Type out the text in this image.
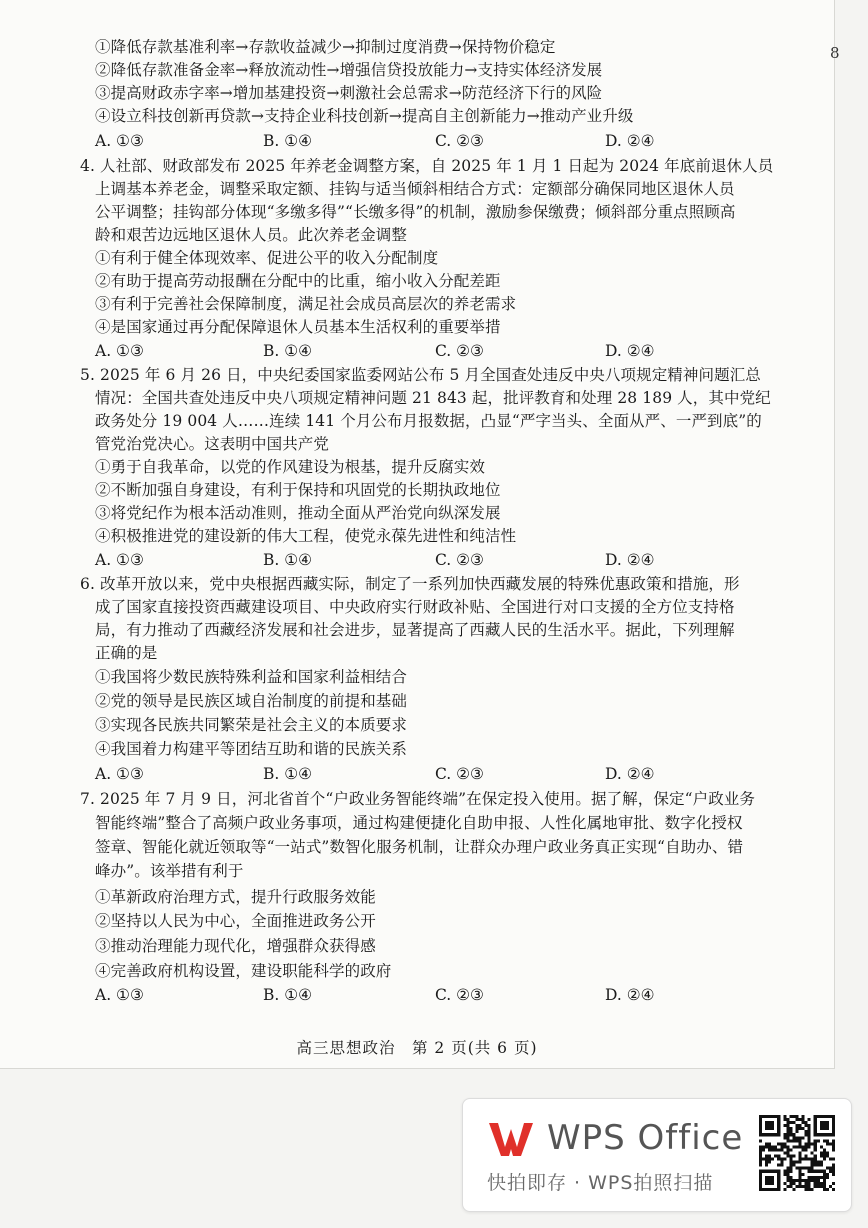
8
①降低存款基准利率→存款收益减少→抑制过度消费→保持物价稳定
②降低存款准备金率→释放流动性→增强信贷投放能力→支持实体经济发展
③提高财政赤字率→增加基建投资→刺激社会总需求→防范经济下行的风险
④设立科技创新再贷款→支持企业科技创新→提高自主创新能力→推动产业升级
A. ①③	B. ①④	C. ②③	D. ②④
4. 人社部、财政部发布 2025 年养老金调整方案，自 2025 年 1 月 1 日起为 2024 年底前退休人员
上调基本养老金，调整采取定额、挂钩与适当倾斜相结合方式：定额部分确保同地区退休人员
公平调整；挂钩部分体现“多缴多得”“长缴多得”的机制，激励参保缴费；倾斜部分重点照顾高
龄和艰苦边远地区退休人员。此次养老金调整
①有利于健全体现效率、促进公平的收入分配制度
②有助于提高劳动报酬在分配中的比重，缩小收入分配差距
③有利于完善社会保障制度，满足社会成员高层次的养老需求
④是国家通过再分配保障退休人员基本生活权利的重要举措
A. ①③	B. ①④	C. ②③	D. ②④
5. 2025 年 6 月 26 日，中央纪委国家监委网站公布 5 月全国查处违反中央八项规定精神问题汇总
情况：全国共查处违反中央八项规定精神问题 21 843 起，批评教育和处理 28 189 人，其中党纪
政务处分 19 004 人……连续 141 个月公布月报数据，凸显“严字当头、全面从严、一严到底”的
管党治党决心。这表明中国共产党
①勇于自我革命，以党的作风建设为根基，提升反腐实效
②不断加强自身建设，有利于保持和巩固党的长期执政地位
③将党纪作为根本活动准则，推动全面从严治党向纵深发展
④积极推进党的建设新的伟大工程，使党永葆先进性和纯洁性
A. ①③	B. ①④	C. ②③	D. ②④
6. 改革开放以来，党中央根据西藏实际，制定了一系列加快西藏发展的特殊优惠政策和措施，形
成了国家直接投资西藏建设项目、中央政府实行财政补贴、全国进行对口支援的全方位支持格
局，有力推动了西藏经济发展和社会进步，显著提高了西藏人民的生活水平。据此，下列理解
正确的是
①我国将少数民族特殊利益和国家利益相结合
②党的领导是民族区域自治制度的前提和基础
③实现各民族共同繁荣是社会主义的本质要求
④我国着力构建平等团结互助和谐的民族关系
A. ①③	B. ①④	C. ②③	D. ②④
7. 2025 年 7 月 9 日，河北省首个“户政业务智能终端”在保定投入使用。据了解，保定“户政业务
智能终端”整合了高频户政业务事项，通过构建便捷化自助申报、人性化属地审批、数字化授权
签章、智能化就近领取等“一站式”数智化服务机制，让群众办理户政业务真正实现“自助办、错
峰办”。该举措有利于
①革新政府治理方式，提升行政服务效能
②坚持以人民为中心，全面推进政务公开
③推动治理能力现代化，增强群众获得感
④完善政府机构设置，建设职能科学的政府
A. ①③	B. ①④	C. ②③	D. ②④
高三思想政治　第 2 页(共 6 页)
WPS Office
快拍即存 · WPS拍照扫描
